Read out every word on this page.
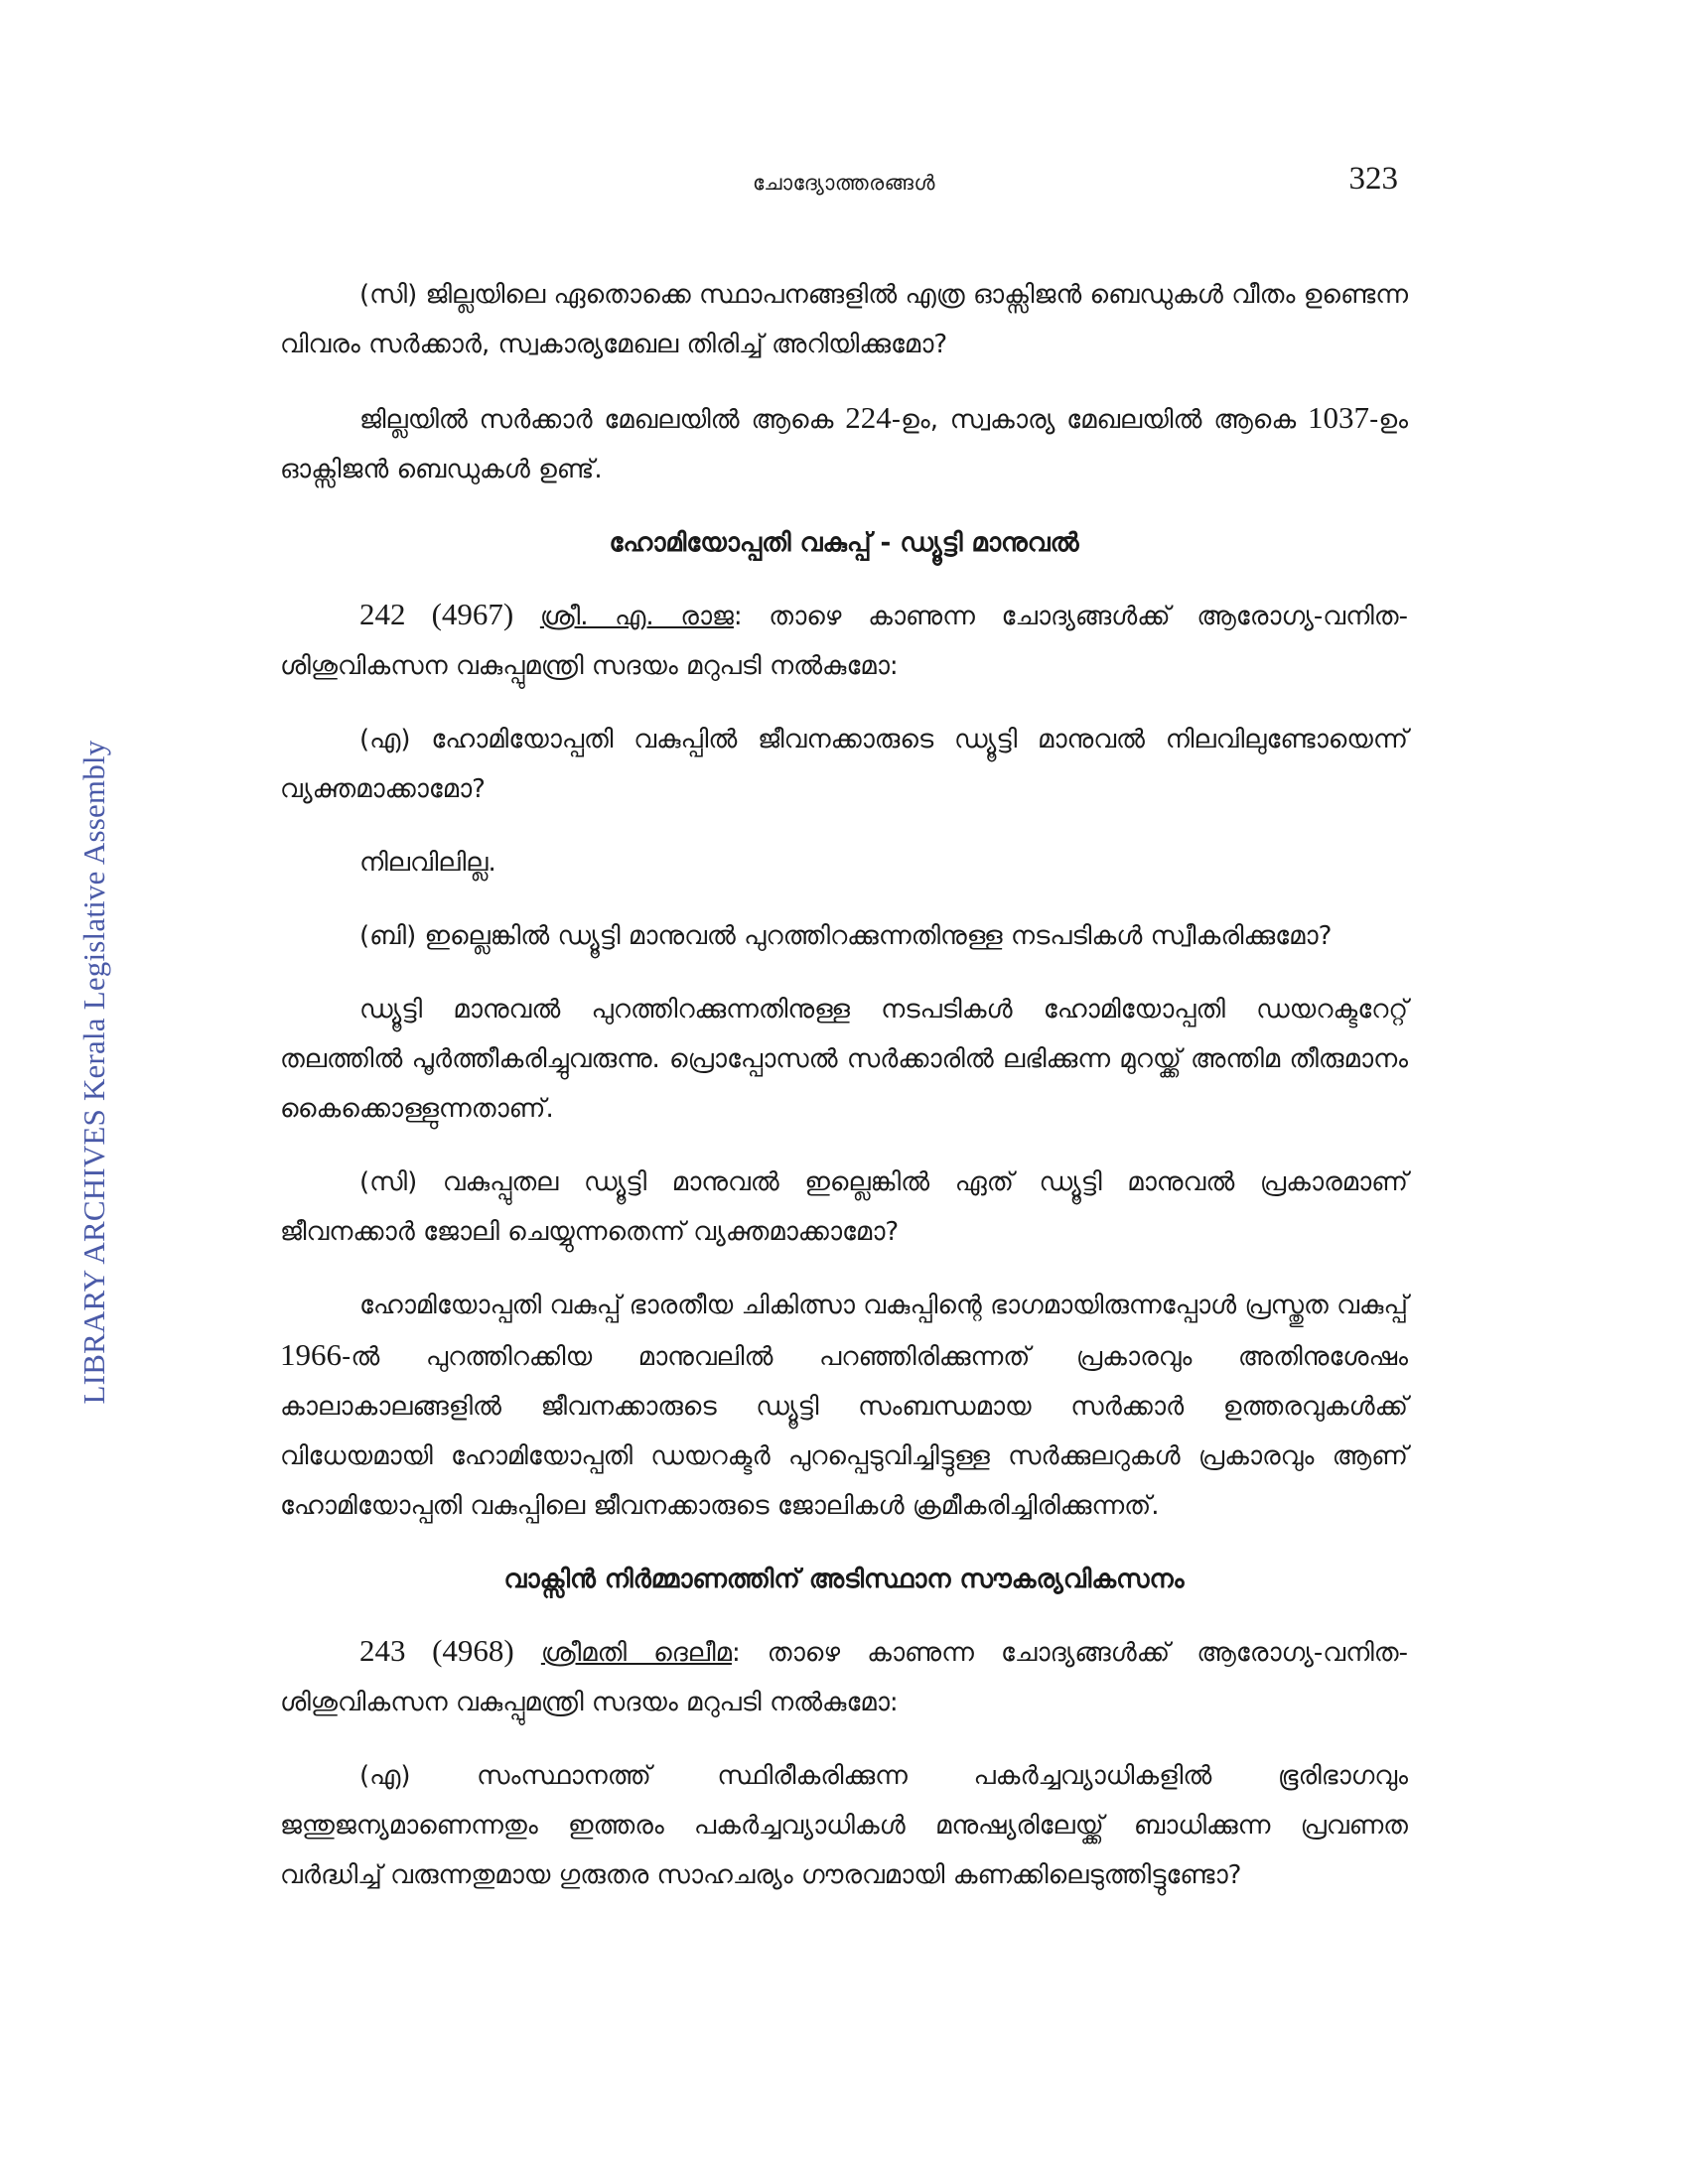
LIBRARY ARCHIVES Kerala Legislative Assembly
ചോദ്യോത്തരങ്ങൾ	323

(സി) ജില്ലയിലെ ഏതൊക്കെ സ്ഥാപനങ്ങളിൽ എത്ര ഓക്സിജൻ ബെഡുകൾ വീതം ഉണ്ടെന്ന വിവരം സർക്കാർ, സ്വകാര്യമേഖല തിരിച്ച് അറിയിക്കുമോ?

ജില്ലയിൽ സർക്കാർ മേഖലയിൽ ആകെ 224-ഉം, സ്വകാര്യ മേഖലയിൽ ആകെ 1037-ഉം ഓക്സിജൻ ബെഡുകൾ ഉണ്ട്.

ഹോമിയോപ്പതി വകുപ്പ് - ഡ്യൂട്ടി മാനുവൽ

242 (4967) ശ്രീ. എ. രാജ: താഴെ കാണുന്ന ചോദ്യങ്ങൾക്ക് ആരോഗ്യ-വനിത-ശിശുവികസന വകുപ്പുമന്ത്രി സദയം മറുപടി നൽകുമോ:

(എ) ഹോമിയോപ്പതി വകുപ്പിൽ ജീവനക്കാരുടെ ഡ്യൂട്ടി മാനുവൽ നിലവിലുണ്ടോയെന്ന് വ്യക്തമാക്കാമോ?

നിലവിലില്ല.

(ബി) ഇല്ലെങ്കിൽ ഡ്യൂട്ടി മാനുവൽ പുറത്തിറക്കുന്നതിനുള്ള നടപടികൾ സ്വീകരിക്കുമോ?

ഡ്യൂട്ടി മാനുവൽ പുറത്തിറക്കുന്നതിനുള്ള നടപടികൾ ഹോമിയോപ്പതി ഡയറക്ടറേറ്റ് തലത്തിൽ പൂർത്തീകരിച്ചുവരുന്നു. പ്രൊപ്പോസൽ സർക്കാരിൽ ലഭിക്കുന്ന മുറയ്ക്ക് അന്തിമ തീരുമാനം കൈക്കൊള്ളുന്നതാണ്.

(സി) വകുപ്പുതല ഡ്യൂട്ടി മാനുവൽ ഇല്ലെങ്കിൽ ഏത് ഡ്യൂട്ടി മാനുവൽ പ്രകാരമാണ് ജീവനക്കാർ ജോലി ചെയ്യുന്നതെന്ന് വ്യക്തമാക്കാമോ?

ഹോമിയോപ്പതി വകുപ്പ് ഭാരതീയ ചികിത്സാ വകുപ്പിന്റെ ഭാഗമായിരുന്നപ്പോൾ പ്രസ്തുത വകുപ്പ് 1966-ൽ പുറത്തിറക്കിയ മാനുവലിൽ പറഞ്ഞിരിക്കുന്നത് പ്രകാരവും അതിനുശേഷം കാലാകാലങ്ങളിൽ ജീവനക്കാരുടെ ഡ്യൂട്ടി സംബന്ധമായ സർക്കാർ ഉത്തരവുകൾക്ക് വിധേയമായി ഹോമിയോപ്പതി ഡയറക്ടർ പുറപ്പെടുവിച്ചിട്ടുള്ള സർക്കുലറുകൾ പ്രകാരവും ആണ് ഹോമിയോപ്പതി വകുപ്പിലെ ജീവനക്കാരുടെ ജോലികൾ ക്രമീകരിച്ചിരിക്കുന്നത്.

വാക്സിൻ നിർമ്മാണത്തിന് അടിസ്ഥാന സൗകര്യവികസനം

243 (4968) ശ്രീമതി ദെലീമ: താഴെ കാണുന്ന ചോദ്യങ്ങൾക്ക് ആരോഗ്യ-വനിത-ശിശുവികസന വകുപ്പുമന്ത്രി സദയം മറുപടി നൽകുമോ:

(എ) സംസ്ഥാനത്ത് സ്ഥിരീകരിക്കുന്ന പകർച്ചവ്യാധികളിൽ ഭൂരിഭാഗവും ജന്തുജന്യമാണെന്നതും ഇത്തരം പകർച്ചവ്യാധികൾ മനുഷ്യരിലേയ്ക്ക് ബാധിക്കുന്ന പ്രവണത വർദ്ധിച്ച് വരുന്നതുമായ ഗുരുതര സാഹചര്യം ഗൗരവമായി കണക്കിലെടുത്തിട്ടുണ്ടോ?
